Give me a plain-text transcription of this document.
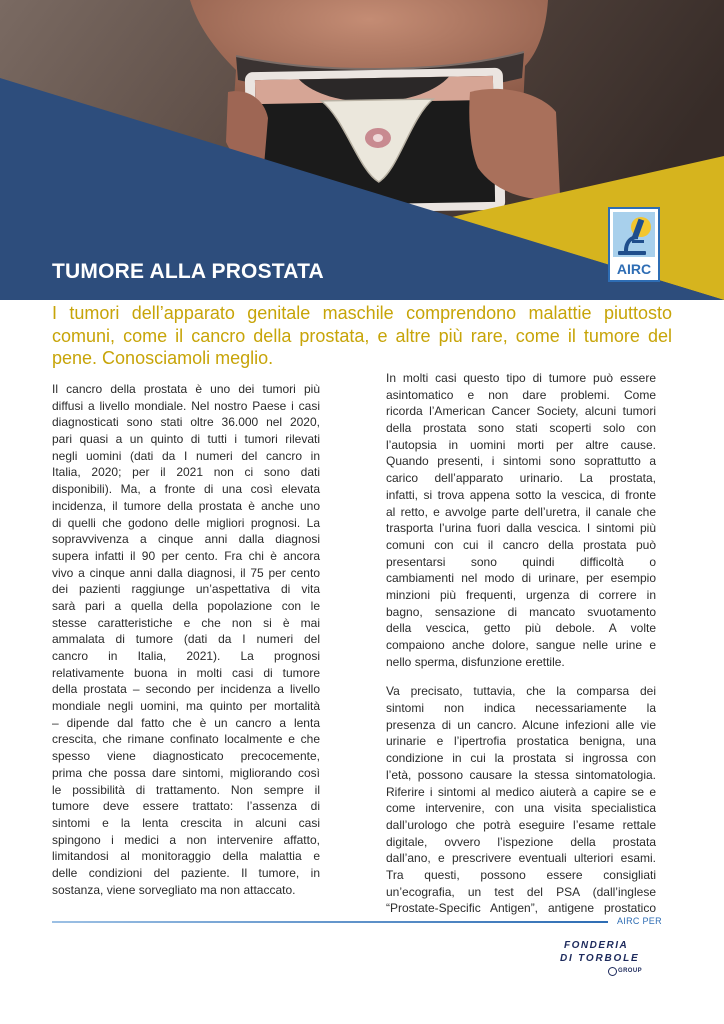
TUMORE ALLA PROSTATA	AIRC
I tumori dell’apparato genitale maschile comprendono malattie piuttosto
comuni, come il cancro della prostata, e altre più rare, come il tumore del
pene. Conosciamoli meglio.
Il cancro della prostata è uno dei tumori più
diffusi a livello mondiale. Nel nostro Paese i casi
diagnosticati sono stati oltre 36.000 nel 2020,
pari quasi a un quinto di tutti i tumori rilevati
negli uomini (dati da I numeri del cancro in
Italia, 2020; per il 2021 non ci sono dati
disponibili). Ma, a fronte di una così elevata
incidenza, il tumore della prostata è anche uno
di quelli che godono delle migliori prognosi. La
sopravvivenza a cinque anni dalla diagnosi
supera infatti il 90 per cento. Fra chi è ancora
vivo a cinque anni dalla diagnosi, il 75 per cento
dei pazienti raggiunge un’aspettativa di vita
sarà pari a quella della popolazione con le
stesse caratteristiche e che non si è mai
ammalata di tumore (dati da I numeri del
cancro in Italia, 2021). La prognosi
relativamente buona in molti casi di tumore
della prostata – secondo per incidenza a livello
mondiale negli uomini, ma quinto per mortalità
– dipende dal fatto che è un cancro a lenta
crescita, che rimane confinato localmente e che
spesso viene diagnosticato precocemente,
prima che possa dare sintomi, migliorando così
le possibilità di trattamento. Non sempre il
tumore deve essere trattato: l’assenza di
sintomi e la lenta crescita in alcuni casi
spingono i medici a non intervenire affatto,
limitandosi al monitoraggio della malattia e
delle condizioni del paziente. Il tumore, in
sostanza, viene sorvegliato ma non attaccato.
In molti casi questo tipo di tumore può essere
asintomatico e non dare problemi. Come
ricorda l’American Cancer Society, alcuni tumori
della prostata sono stati scoperti solo con
l’autopsia in uomini morti per altre cause.
Quando presenti, i sintomi sono soprattutto a
carico dell’apparato urinario. La prostata,
infatti, si trova appena sotto la vescica, di fronte
al retto, e avvolge parte dell’uretra, il canale che
trasporta l’urina fuori dalla vescica. I sintomi più
comuni con cui il cancro della prostata può
presentarsi sono quindi difficoltà o
cambiamenti nel modo di urinare, per esempio
minzioni più frequenti, urgenza di correre in
bagno, sensazione di mancato svuotamento
della vescica, getto più debole. A volte
compaiono anche dolore, sangue nelle urine e
nello sperma, disfunzione erettile.
Va precisato, tuttavia, che la comparsa dei
sintomi non indica necessariamente la
presenza di un cancro. Alcune infezioni alle vie
urinarie e l’ipertrofia prostatica benigna, una
condizione in cui la prostata si ingrossa con
l’età, possono causare la stessa sintomatologia.
Riferire i sintomi al medico aiuterà a capire se e
come intervenire, con una visita specialistica
dall’urologo che potrà eseguire l’esame rettale
digitale, ovvero l’ispezione della prostata
dall’ano, e prescrivere eventuali ulteriori esami.
Tra questi, possono essere consigliati
un’ecografia, un test del PSA (dall’inglese
“Prostate-Specific Antigen”, antigene prostatico
AIRC PER
FONDERIA
DI TORBOLE
GROUP
